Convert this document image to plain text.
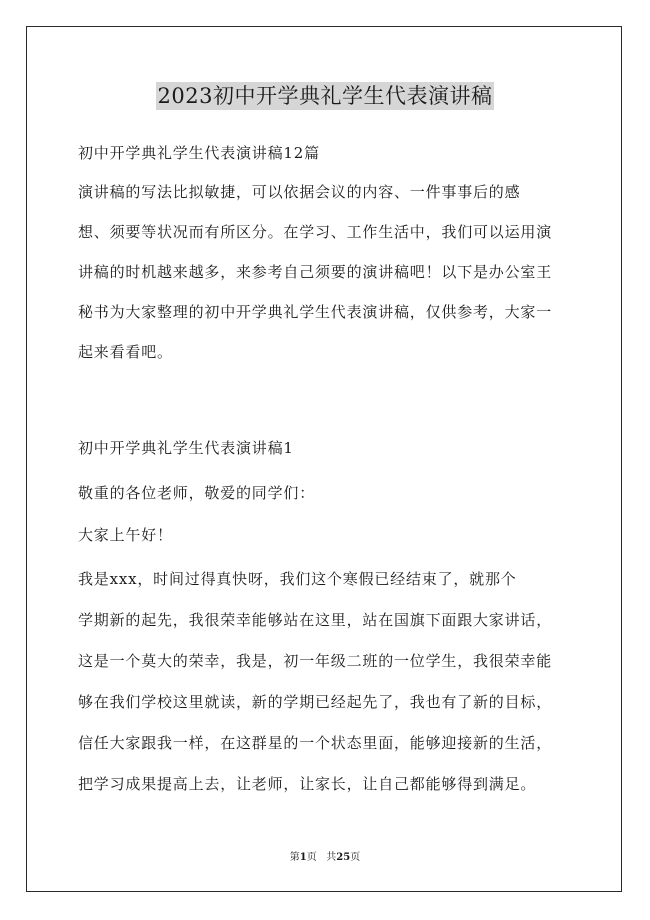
2023初中开学典礼学生代表演讲稿

初中开学典礼学生代表演讲稿12篇

演讲稿的写法比拟敏捷，可以依据会议的内容、一件事事后的感

想、须要等状况而有所区分。在学习、工作生活中，我们可以运用演

讲稿的时机越来越多，来参考自己须要的演讲稿吧！以下是办公室王

秘书为大家整理的初中开学典礼学生代表演讲稿，仅供参考，大家一

起来看看吧。

初中开学典礼学生代表演讲稿1

敬重的各位老师，敬爱的同学们：

大家上午好！

我是xxx，时间过得真快呀，我们这个寒假已经结束了，就那个

学期新的起先，我很荣幸能够站在这里，站在国旗下面跟大家讲话，

这是一个莫大的荣幸，我是，初一年级二班的一位学生，我很荣幸能

够在我们学校这里就读，新的学期已经起先了，我也有了新的目标，

信任大家跟我一样，在这群星的一个状态里面，能够迎接新的生活，

把学习成果提高上去，让老师，让家长，让自己都能够得到满足。

第1页   共25页
